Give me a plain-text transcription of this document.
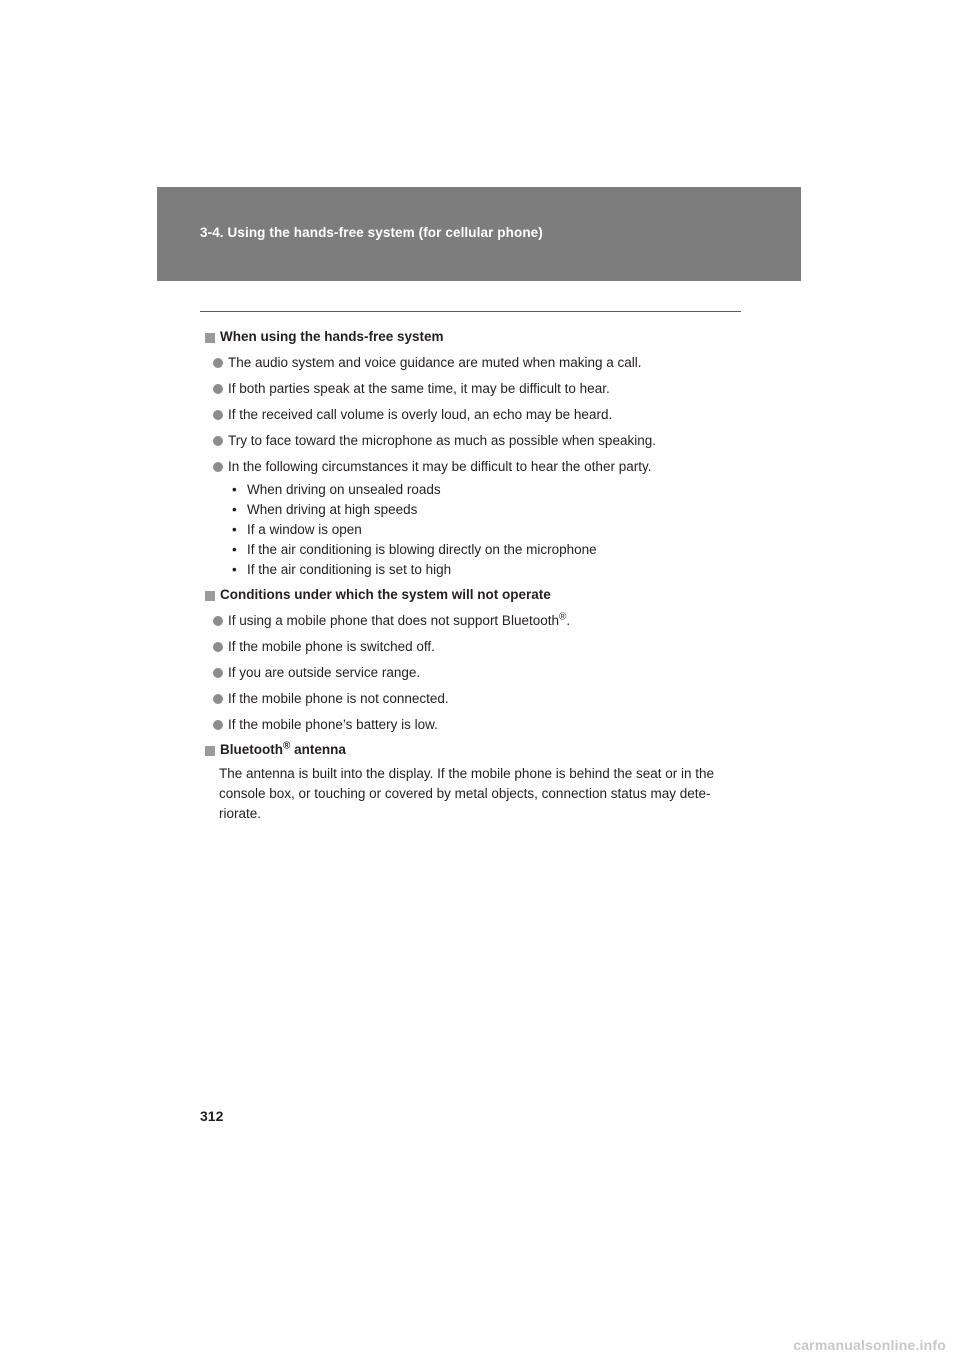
3-4. Using the hands-free system (for cellular phone)
When using the hands-free system
The audio system and voice guidance are muted when making a call.
If both parties speak at the same time, it may be difficult to hear.
If the received call volume is overly loud, an echo may be heard.
Try to face toward the microphone as much as possible when speaking.
In the following circumstances it may be difficult to hear the other party.
• When driving on unsealed roads
• When driving at high speeds
• If a window is open
• If the air conditioning is blowing directly on the microphone
• If the air conditioning is set to high
Conditions under which the system will not operate
If using a mobile phone that does not support Bluetooth®.
If the mobile phone is switched off.
If you are outside service range.
If the mobile phone is not connected.
If the mobile phone’s battery is low.
Bluetooth® antenna
The antenna is built into the display. If the mobile phone is behind the seat or in the console box, or touching or covered by metal objects, connection status may dete-riorate.
312
carmanualsonline.info
